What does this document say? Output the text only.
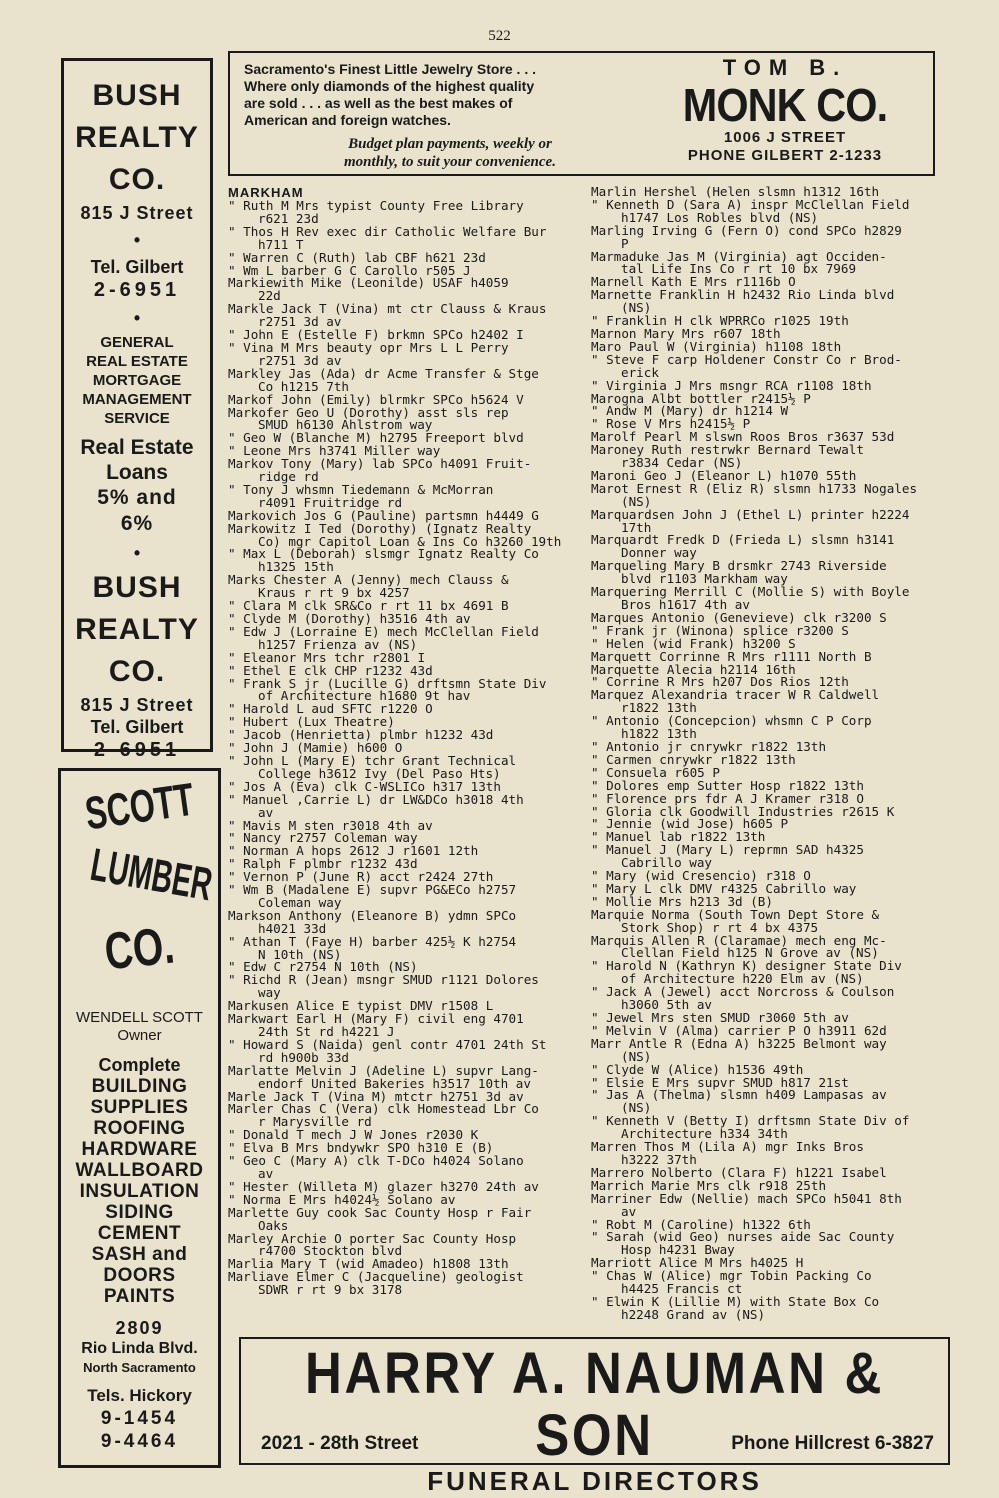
522
BUSH
REALTY
CO.
815 J Street
•
Tel. Gilbert
2-6951
•
GENERAL
REAL ESTATE
MORTGAGE
MANAGEMENT
SERVICE
Real Estate
Loans
5% and
6%
•
BUSH
REALTY
CO.
815 J Street
Tel. Gilbert
2-6951
SCOTT
LUMBER
CO.
WENDELL SCOTT
Owner
Complete
BUILDING
SUPPLIES
ROOFING
HARDWARE
WALLBOARD
INSULATION
SIDING
CEMENT
SASH and
DOORS
PAINTS
2809
Rio Linda Blvd.
North Sacramento
Tels. Hickory
9-1454
9-4464
Sacramento's Finest Little Jewelry Store . . .
Where only diamonds of the highest quality
are sold . . . as well as the best makes of
American and foreign watches.
Budget plan payments, weekly or
monthly, to suit your convenience.
TOM B.
MONK CO.
1006 J STREET
PHONE GILBERT 2-1233
MARKHAM
" Ruth M Mrs typist County Free Library
r621 23d
" Thos H Rev exec dir Catholic Welfare Bur
h711 T
" Warren C (Ruth) lab CBF h621 23d
" Wm L barber G C Carollo r505 J
Markiewith Mike (Leonilde) USAF h4059
22d
Markle Jack T (Vina) mt ctr Clauss & Kraus
r2751 3d av
" John E (Estelle F) brkmn SPCo h2402 I
" Vina M Mrs beauty opr Mrs L L Perry
r2751 3d av
Markley Jas (Ada) dr Acme Transfer & Stge
Co h1215 7th
Markof John (Emily) blrmkr SPCo h5624 V
Markofer Geo U (Dorothy) asst sls rep
SMUD h6130 Ahlstrom way
" Geo W (Blanche M) h2795 Freeport blvd
" Leone Mrs h3741 Miller way
Markov Tony (Mary) lab SPCo h4091 Fruit-
ridge rd
" Tony J whsmn Tiedemann & McMorran
r4091 Fruitridge rd
Markovich Jos G (Pauline) partsmn h4449 G
Markowitz I Ted (Dorothy) (Ignatz Realty
Co) mgr Capitol Loan & Ins Co h3260 19th
" Max L (Deborah) slsmgr Ignatz Realty Co
h1325 15th
Marks Chester A (Jenny) mech Clauss &
Kraus r rt 9 bx 4257
" Clara M clk SR&Co r rt 11 bx 4691 B
" Clyde M (Dorothy) h3516 4th av
" Edw J (Lorraine E) mech McClellan Field
h1257 Frienza av (NS)
" Eleanor Mrs tchr r2801 I
" Ethel E clk CHP r1232 43d
" Frank S jr (Lucille G) drftsmn State Div
of Architecture h1680 9t hav
" Harold L aud SFTC r1220 O
" Hubert (Lux Theatre)
" Jacob (Henrietta) plmbr h1232 43d
" John J (Mamie) h600 O
" John L (Mary E) tchr Grant Technical
College h3612 Ivy (Del Paso Hts)
" Jos A (Eva) clk C-WSLICo h317 13th
" Manuel ,Carrie L) dr LW&DCo h3018 4th
av
" Mavis M sten r3018 4th av
" Nancy r2757 Coleman way
" Norman A hops 2612 J r1601 12th
" Ralph F plmbr r1232 43d
" Vernon P (June R) acct r2424 27th
" Wm B (Madalene E) supvr PG&ECo h2757
Coleman way
Markson Anthony (Eleanore B) ydmn SPCo
h4021 33d
" Athan T (Faye H) barber 425½ K h2754
N 10th (NS)
" Edw C r2754 N 10th (NS)
" Richd R (Jean) msngr SMUD r1121 Dolores
way
Markusen Alice E typist DMV r1508 L
Markwart Earl H (Mary F) civil eng 4701
24th St rd h4221 J
" Howard S (Naida) genl contr 4701 24th St
rd h900b 33d
Marlatte Melvin J (Adeline L) supvr Lang-
endorf United Bakeries h3517 10th av
Marle Jack T (Vina M) mtctr h2751 3d av
Marler Chas C (Vera) clk Homestead Lbr Co
r Marysville rd
" Donald T mech J W Jones r2030 K
" Elva B Mrs bndywkr SPO h310 E (B)
" Geo C (Mary A) clk T-DCo h4024 Solano
av
" Hester (Willeta M) glazer h3270 24th av
" Norma E Mrs h4024½ Solano av
Marlette Guy cook Sac County Hosp r Fair
Oaks
Marley Archie O porter Sac County Hosp
r4700 Stockton blvd
Marlia Mary T (wid Amadeo) h1808 13th
Marliave Elmer C (Jacqueline) geologist
SDWR r rt 9 bx 3178
Marlin Hershel (Helen slsmn h1312 16th
" Kenneth D (Sara A) inspr McClellan Field
h1747 Los Robles blvd (NS)
Marling Irving G (Fern O) cond SPCo h2829
P
Marmaduke Jas M (Virginia) agt Occiden-
tal Life Ins Co r rt 10 bx 7969
Marnell Kath E Mrs r1116b O
Marnette Franklin H h2432 Rio Linda blvd
(NS)
" Franklin H clk WPRRCo r1025 19th
Marnon Mary Mrs r607 18th
Maro Paul W (Virginia) h1108 18th
" Steve F carp Holdener Constr Co r Brod-
erick
" Virginia J Mrs msngr RCA r1108 18th
Marogna Albt bottler r2415½ P
" Andw M (Mary) dr h1214 W
" Rose V Mrs h2415½ P
Marolf Pearl M slswn Roos Bros r3637 53d
Maroney Ruth restrwkr Bernard Tewalt
r3834 Cedar (NS)
Maroni Geo J (Eleanor L) h1070 55th
Marot Ernest R (Eliz R) slsmn h1733 Nogales
(NS)
Marquardsen John J (Ethel L) printer h2224
17th
Marquardt Fredk D (Frieda L) slsmn h3141
Donner way
Marqueling Mary B drsmkr 2743 Riverside
blvd r1103 Markham way
Marquering Merrill C (Mollie S) with Boyle
Bros h1617 4th av
Marques Antonio (Genevieve) clk r3200 S
" Frank jr (Winona) splice r3200 S
" Helen (wid Frank) h3200 S
Marquett Corrinne R Mrs r1111 North B
Marquette Alecia h2114 16th
" Corrine R Mrs h207 Dos Rios 12th
Marquez Alexandria tracer W R Caldwell
r1822 13th
" Antonio (Concepcion) whsmn C P Corp
h1822 13th
" Antonio jr cnrywkr r1822 13th
" Carmen cnrywkr r1822 13th
" Consuela r605 P
" Dolores emp Sutter Hosp r1822 13th
" Florence prs fdr A J Kramer r318 O
" Gloria clk Goodwill Industries r2615 K
" Jennie (wid Jose) h605 P
" Manuel lab r1822 13th
" Manuel J (Mary L) reprmn SAD h4325
Cabrillo way
" Mary (wid Cresencio) r318 O
" Mary L clk DMV r4325 Cabrillo way
" Mollie Mrs h213 3d (B)
Marquie Norma (South Town Dept Store &
Stork Shop) r rt 4 bx 4375
Marquis Allen R (Claramae) mech eng Mc-
Clellan Field h125 N Grove av (NS)
" Harold N (Kathryn K) designer State Div
of Architecture h220 Elm av (NS)
" Jack A (Jewel) acct Norcross & Coulson
h3060 5th av
" Jewel Mrs sten SMUD r3060 5th av
" Melvin V (Alma) carrier P O h3911 62d
Marr Antle R (Edna A) h3225 Belmont way
(NS)
" Clyde W (Alice) h1536 49th
" Elsie E Mrs supvr SMUD h817 21st
" Jas A (Thelma) slsmn h409 Lampasas av
(NS)
" Kenneth V (Betty I) drftsmn State Div of
Architecture h334 34th
Marren Thos M (Lila A) mgr Inks Bros
h3222 37th
Marrero Nolberto (Clara F) h1221 Isabel
Marrich Marie Mrs clk r918 25th
Marriner Edw (Nellie) mach SPCo h5041 8th
av
" Robt M (Caroline) h1322 6th
" Sarah (wid Geo) nurses aide Sac County
Hosp h4231 Bway
Marriott Alice M Mrs h4025 H
" Chas W (Alice) mgr Tobin Packing Co
h4425 Francis ct
" Elwin K (Lillie M) with State Box Co
h2248 Grand av (NS)
HARRY A. NAUMAN & SON
FUNERAL DIRECTORS
2021 - 28th Street	Phone Hillcrest 6-3827
